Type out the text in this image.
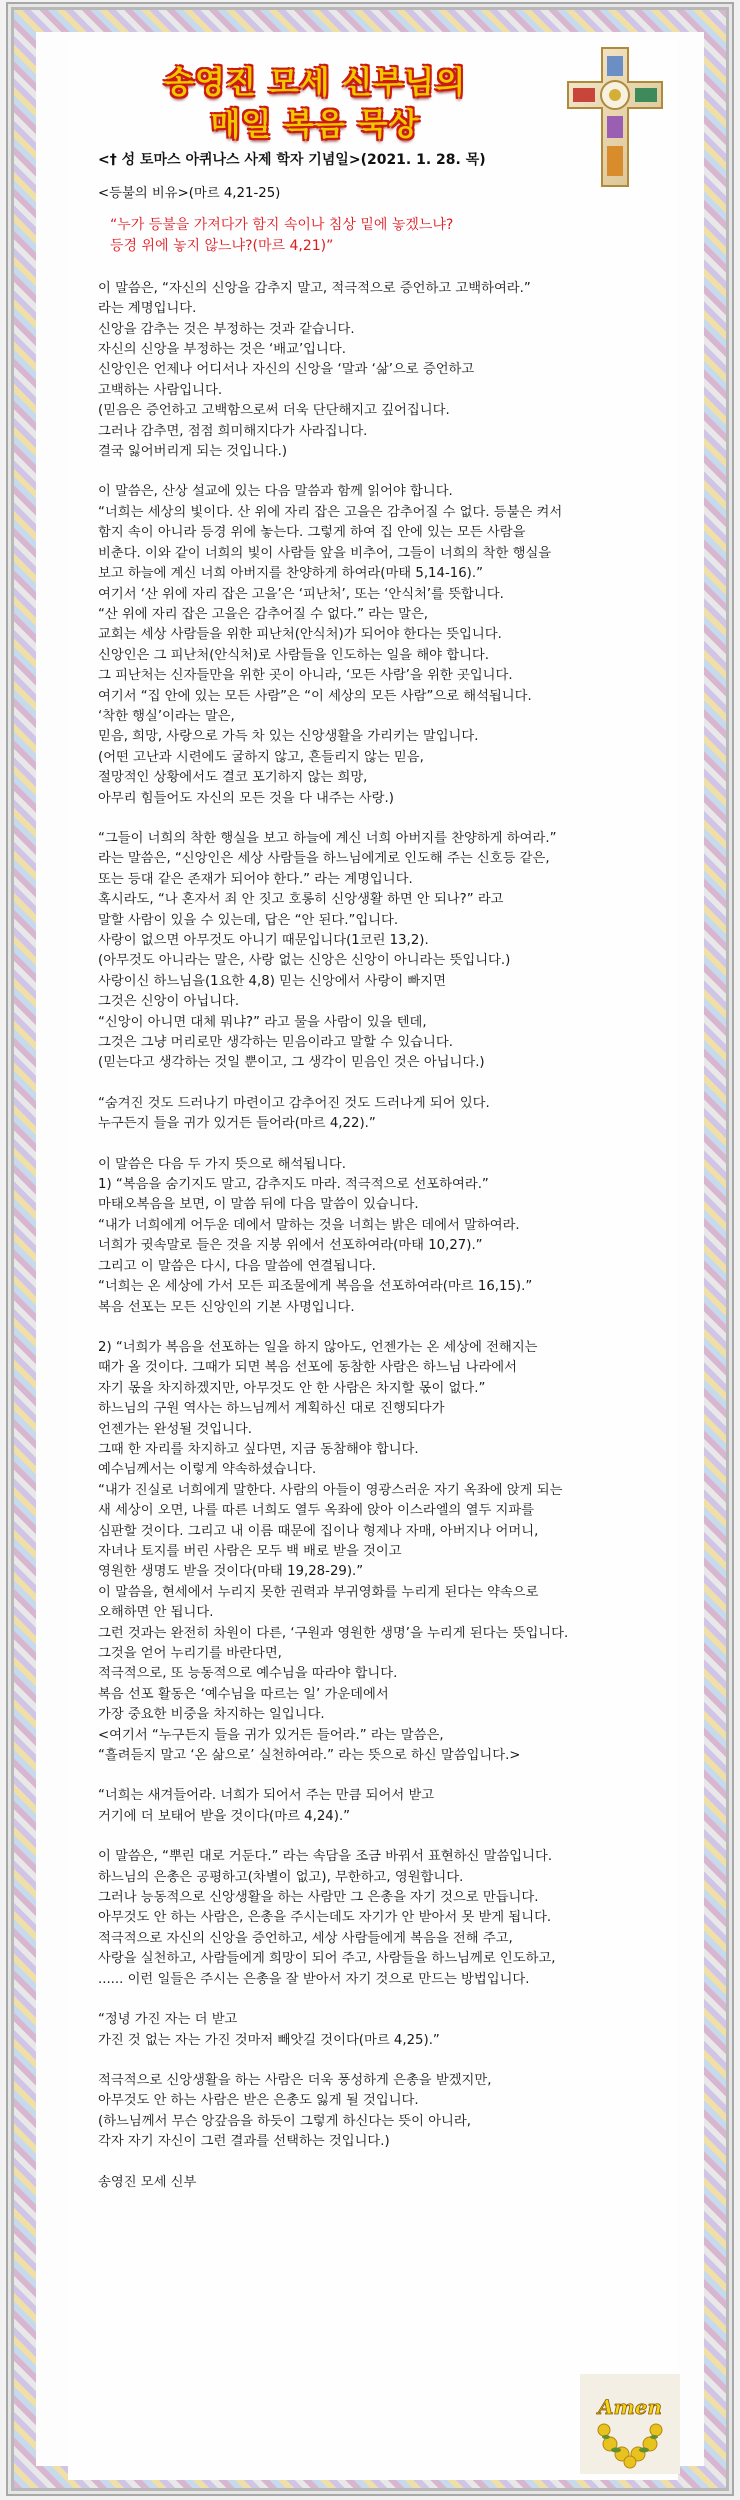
송영진 모세 신부님의
매일 복음 묵상
<† 성 토마스 아퀴나스 사제 학자 기념일>(2021. 1. 28. 목)
<등불의 비유>(마르 4,21-25)

“누가 등불을 가져다가 함지 속이나 침상 밑에 놓겠느냐?
등경 위에 놓지 않느냐?(마르 4,21)”

이 말씀은, “자신의 신앙을 감추지 말고, 적극적으로 증언하고 고백하여라.”
라는 계명입니다.
신앙을 감추는 것은 부정하는 것과 같습니다.
자신의 신앙을 부정하는 것은 ‘배교’입니다.
신앙인은 언제나 어디서나 자신의 신앙을 ‘말과 ‘삶’으로 증언하고
고백하는 사람입니다.
(믿음은 증언하고 고백함으로써 더욱 단단해지고 깊어집니다.
그러나 감추면, 점점 희미해지다가 사라집니다.
결국 잃어버리게 되는 것입니다.)

이 말씀은, 산상 설교에 있는 다음 말씀과 함께 읽어야 합니다.
“너희는 세상의 빛이다. 산 위에 자리 잡은 고을은 감추어질 수 없다. 등불은 켜서
함지 속이 아니라 등경 위에 놓는다. 그렇게 하여 집 안에 있는 모든 사람을
비춘다. 이와 같이 너희의 빛이 사람들 앞을 비추어, 그들이 너희의 착한 행실을
보고 하늘에 계신 너희 아버지를 찬양하게 하여라(마태 5,14-16).”
여기서 ‘산 위에 자리 잡은 고을’은 ‘피난처’, 또는 ‘안식처’를 뜻합니다.
“산 위에 자리 잡은 고을은 감추어질 수 없다.” 라는 말은,
교회는 세상 사람들을 위한 피난처(안식처)가 되어야 한다는 뜻입니다.
신앙인은 그 피난처(안식처)로 사람들을 인도하는 일을 해야 합니다.
그 피난처는 신자들만을 위한 곳이 아니라, ‘모든 사람’을 위한 곳입니다.
여기서 “집 안에 있는 모든 사람”은 “이 세상의 모든 사람”으로 해석됩니다.
‘착한 행실’이라는 말은,
믿음, 희망, 사랑으로 가득 차 있는 신앙생활을 가리키는 말입니다.
(어떤 고난과 시련에도 굴하지 않고, 흔들리지 않는 믿음,
절망적인 상황에서도 결코 포기하지 않는 희망,
아무리 힘들어도 자신의 모든 것을 다 내주는 사랑.)

“그들이 너희의 착한 행실을 보고 하늘에 계신 너희 아버지를 찬양하게 하여라.”
라는 말씀은, “신앙인은 세상 사람들을 하느님에게로 인도해 주는 신호등 같은,
또는 등대 같은 존재가 되어야 한다.” 라는 계명입니다.
혹시라도, “나 혼자서 죄 안 짓고 호롱히 신앙생활 하면 안 되나?” 라고
말할 사람이 있을 수 있는데, 답은 “안 된다.”입니다.
사랑이 없으면 아무것도 아니기 때문입니다(1코린 13,2).
(아무것도 아니라는 말은, 사랑 없는 신앙은 신앙이 아니라는 뜻입니다.)
사랑이신 하느님을(1요한 4,8) 믿는 신앙에서 사랑이 빠지면
그것은 신앙이 아닙니다.
“신앙이 아니면 대체 뭐냐?” 라고 물을 사람이 있을 텐데,
그것은 그냥 머리로만 생각하는 믿음이라고 말할 수 있습니다.
(믿는다고 생각하는 것일 뿐이고, 그 생각이 믿음인 것은 아닙니다.)

“숨겨진 것도 드러나기 마련이고 감추어진 것도 드러나게 되어 있다.
누구든지 들을 귀가 있거든 들어라(마르 4,22).”

이 말씀은 다음 두 가지 뜻으로 해석됩니다.
1) “복음을 숨기지도 말고, 감추지도 마라. 적극적으로 선포하여라.”
마태오복음을 보면, 이 말씀 뒤에 다음 말씀이 있습니다.
“내가 너희에게 어두운 데에서 말하는 것을 너희는 밝은 데에서 말하여라.
너희가 귓속말로 들은 것을 지붕 위에서 선포하여라(마태 10,27).”
그리고 이 말씀은 다시, 다음 말씀에 연결됩니다.
“너희는 온 세상에 가서 모든 피조물에게 복음을 선포하여라(마르 16,15).”
복음 선포는 모든 신앙인의 기본 사명입니다.

2) “너희가 복음을 선포하는 일을 하지 않아도, 언젠가는 온 세상에 전해지는
때가 올 것이다. 그때가 되면 복음 선포에 동참한 사람은 하느님 나라에서
자기 몫을 차지하겠지만, 아무것도 안 한 사람은 차지할 몫이 없다.”
하느님의 구원 역사는 하느님께서 계획하신 대로 진행되다가
언젠가는 완성될 것입니다.
그때 한 자리를 차지하고 싶다면, 지금 동참해야 합니다.
예수님께서는 이렇게 약속하셨습니다.
“내가 진실로 너희에게 말한다. 사람의 아들이 영광스러운 자기 옥좌에 앉게 되는
새 세상이 오면, 나를 따른 너희도 열두 옥좌에 앉아 이스라엘의 열두 지파를
심판할 것이다. 그리고 내 이름 때문에 집이나 형제나 자매, 아버지나 어머니,
자녀나 토지를 버린 사람은 모두 백 배로 받을 것이고
영원한 생명도 받을 것이다(마태 19,28-29).”
이 말씀을, 현세에서 누리지 못한 권력과 부귀영화를 누리게 된다는 약속으로
오해하면 안 됩니다.
그런 것과는 완전히 차원이 다른, ‘구원과 영원한 생명’을 누리게 된다는 뜻입니다.
그것을 얻어 누리기를 바란다면,
적극적으로, 또 능동적으로 예수님을 따라야 합니다.
복음 선포 활동은 ‘예수님을 따르는 일’ 가운데에서
가장 중요한 비중을 차지하는 일입니다.
<여기서 “누구든지 들을 귀가 있거든 들어라.” 라는 말씀은,
“흘려듣지 말고 ‘온 삶으로’ 실천하여라.” 라는 뜻으로 하신 말씀입니다.>

“너희는 새겨들어라. 너희가 되어서 주는 만큼 되어서 받고
거기에 더 보태어 받을 것이다(마르 4,24).”

이 말씀은, “뿌린 대로 거둔다.” 라는 속담을 조금 바꿔서 표현하신 말씀입니다.
하느님의 은총은 공평하고(차별이 없고), 무한하고, 영원합니다.
그러나 능동적으로 신앙생활을 하는 사람만 그 은총을 자기 것으로 만듭니다.
아무것도 안 하는 사람은, 은총을 주시는데도 자기가 안 받아서 못 받게 됩니다.
적극적으로 자신의 신앙을 증언하고, 세상 사람들에게 복음을 전해 주고,
사랑을 실천하고, 사람들에게 희망이 되어 주고, 사람들을 하느님께로 인도하고,
...... 이런 일들은 주시는 은총을 잘 받아서 자기 것으로 만드는 방법입니다.

“정녕 가진 자는 더 받고
가진 것 없는 자는 가진 것마저 빼앗길 것이다(마르 4,25).”

적극적으로 신앙생활을 하는 사람은 더욱 풍성하게 은총을 받겠지만,
아무것도 안 하는 사람은 받은 은총도 잃게 될 것입니다.
(하느님께서 무슨 앙갚음을 하듯이 그렇게 하신다는 뜻이 아니라,
각자 자기 자신이 그런 결과를 선택하는 것입니다.)

송영진 모세 신부
Amen
